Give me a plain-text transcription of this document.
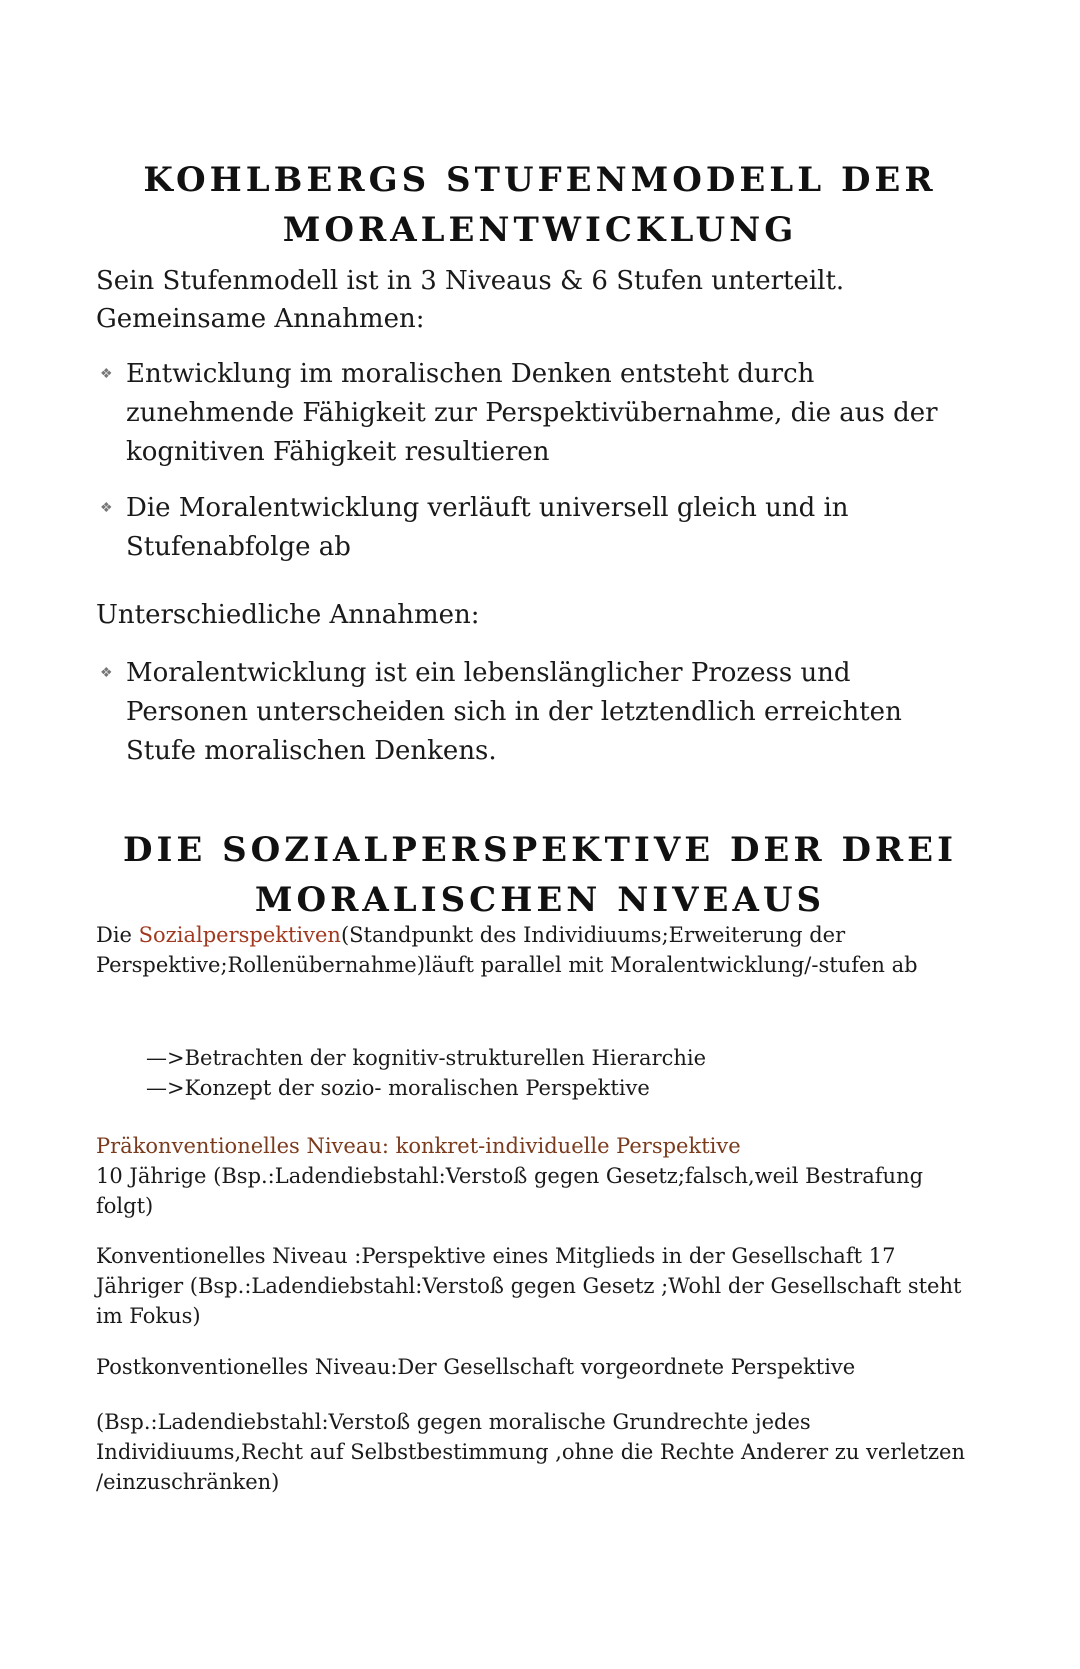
KOHLBERGS STUFENMODELL DER MORALENTWICKLUNG

Sein Stufenmodell ist in 3 Niveaus & 6 Stufen unterteilt.

Gemeinsame Annahmen:

❖ Entwicklung im moralischen Denken entsteht durch zunehmende Fähigkeit zur Perspektivübernahme, die aus der kognitiven Fähigkeit resultieren
❖ Die Moralentwicklung verläuft universell gleich und in Stufenabfolge ab

Unterschiedliche Annahmen:

❖ Moralentwicklung ist ein lebenslänglicher Prozess und Personen unterscheiden sich in der letztendlich erreichten Stufe moralischen Denkens.
DIE SOZIALPERSPEKTIVE DER DREI MORALISCHEN NIVEAUS

Die Sozialperspektiven(Standpunkt des Individiuums;Erweiterung der Perspektive;Rollenübernahme)läuft parallel mit Moralentwicklung/-stufen ab

—>Betrachten der kognitiv-strukturellen Hierarchie

—>Konzept der sozio- moralischen Perspektive

Präkonventionelles Niveau: konkret-individuelle Perspektive

10 Jährige (Bsp.:Ladendiebstahl:Verstoß gegen Gesetz;falsch,weil Bestrafung folgt)

Konventionelles Niveau :Perspektive eines Mitglieds in der Gesellschaft 17 Jähriger (Bsp.:Ladendiebstahl:Verstoß gegen Gesetz ;Wohl der Gesellschaft steht im Fokus)

Postkonventionelles Niveau:Der Gesellschaft vorgeordnete Perspektive

(Bsp.:Ladendiebstahl:Verstoß gegen moralische Grundrechte jedes Individiuums,Recht auf Selbstbestimmung ,ohne die Rechte Anderer zu verletzen /einzuschränken)
